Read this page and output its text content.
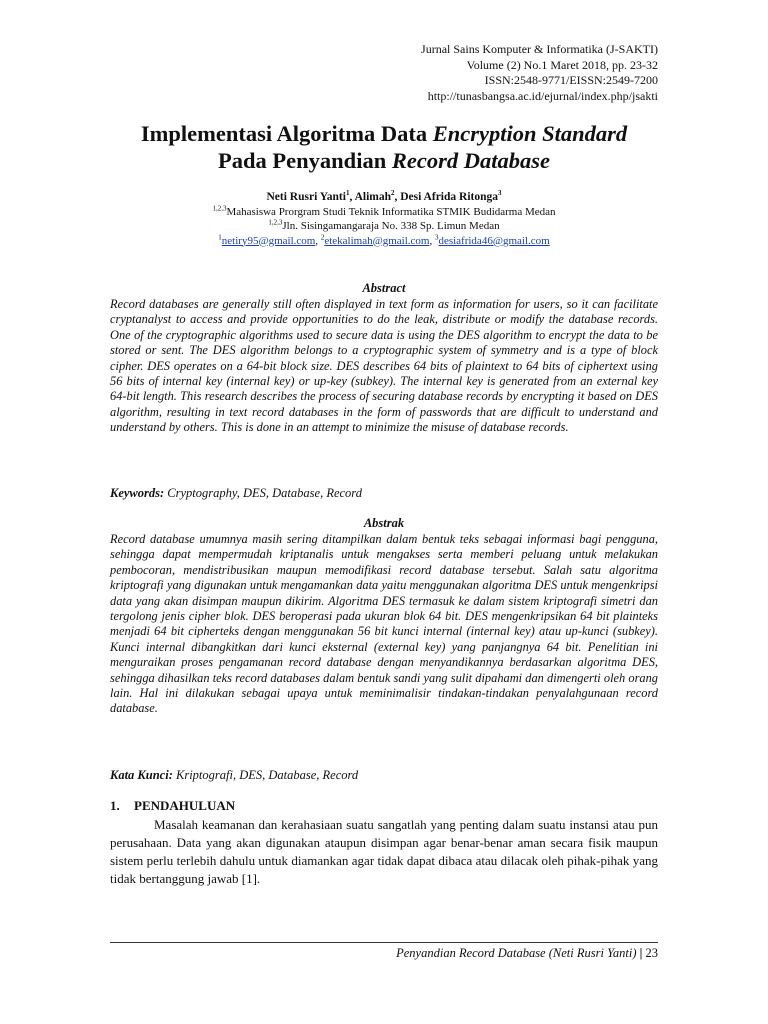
Jurnal Sains Komputer & Informatika (J-SAKTI)
Volume (2) No.1 Maret 2018, pp. 23-32
ISSN:2548-9771/EISSN:2549-7200
http://tunasbangsa.ac.id/ejurnal/index.php/jsakti
Implementasi Algoritma Data Encryption Standard
Pada Penyandian Record Database
Neti Rusri Yanti$^1$, Alimah$^2$, Desi Afrida Ritonga$^3$
$^{1,2,3}$Mahasiswa Prorgram Studi Teknik Informatika STMIK Budidarma Medan
$^{1,2,3}$Jln. Sisingamangaraja No. 338 Sp. Limun Medan
$^1$netiry95@gmail.com, $^2$etekalimah@gmail.com, $^3$desiafrida46@gmail.com
Abstract
Record databases are generally still often displayed in text form as information for users, so it can facilitate cryptanalyst to access and provide opportunities to do the leak, distribute or modify the database records. One of the cryptographic algorithms used to secure data is using the DES algorithm to encrypt the data to be stored or sent. The DES algorithm belongs to a cryptographic system of symmetry and is a type of block cipher. DES operates on a 64-bit block size. DES describes 64 bits of plaintext to 64 bits of ciphertext using 56 bits of internal key (internal key) or up-key (subkey). The internal key is generated from an external key 64-bit length. This research describes the process of securing database records by encrypting it based on DES algorithm, resulting in text record databases in the form of passwords that are difficult to understand and understand by others. This is done in an attempt to minimize the misuse of database records.
Keywords: Cryptography, DES, Database, Record
Abstrak
Record database umumnya masih sering ditampilkan dalam bentuk teks sebagai informasi bagi pengguna, sehingga dapat mempermudah kriptanalis untuk mengakses serta memberi peluang untuk melakukan pembocoran, mendistribusikan maupun memodifikasi record database tersebut. Salah satu algoritma kriptografi yang digunakan untuk mengamankan data yaitu menggunakan algoritma DES untuk mengenkripsi data yang akan disimpan maupun dikirim. Algoritma DES termasuk ke dalam sistem kriptografi simetri dan tergolong jenis cipher blok. DES beroperasi pada ukuran blok 64 bit. DES mengenkripsikan 64 bit plainteks menjadi 64 bit cipherteks dengan menggunakan 56 bit kunci internal (internal key) atau up-kunci (subkey). Kunci internal dibangkitkan dari kunci eksternal (external key) yang panjangnya 64 bit. Penelitian ini menguraikan proses pengamanan record database dengan menyandikannya berdasarkan algoritma DES, sehingga dihasilkan teks record databases dalam bentuk sandi yang sulit dipahami dan dimengerti oleh orang lain. Hal ini dilakukan sebagai upaya untuk meminimalisir tindakan-tindakan penyalahgunaan record database.
Kata Kunci: Kriptografi, DES, Database, Record
1. PENDAHULUAN
Masalah keamanan dan kerahasiaan suatu sangatlah yang penting dalam suatu instansi atau pun perusahaan. Data yang akan digunakan ataupun disimpan agar benar-benar aman secara fisik maupun sistem perlu terlebih dahulu untuk diamankan agar tidak dapat dibaca atau dilacak oleh pihak-pihak yang tidak bertanggung jawab [1].
Penyandian Record Database (Neti Rusri Yanti) | 23
